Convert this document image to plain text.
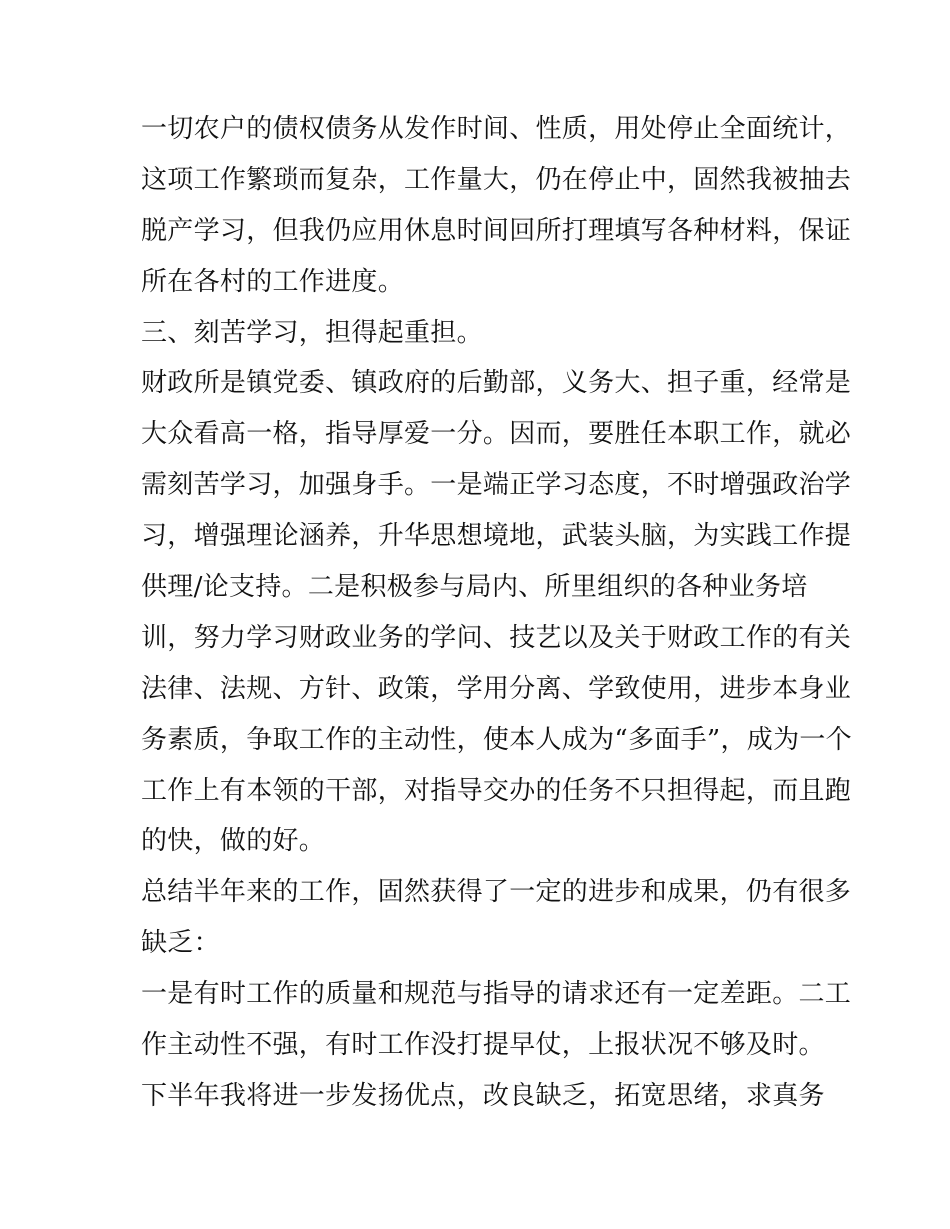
一切农户的债权债务从发作时间、性质，用处停止全面统计，
这项工作繁琐而复杂，工作量大，仍在停止中，固然我被抽去
脱产学习，但我仍应用休息时间回所打理填写各种材料，保证
所在各村的工作进度。
三、刻苦学习，担得起重担。
财政所是镇党委、镇政府的后勤部，义务大、担子重，经常是
大众看高一格，指导厚爱一分。因而，要胜任本职工作，就必
需刻苦学习，加强身手。一是端正学习态度，不时增强政治学
习，增强理论涵养，升华思想境地，武装头脑，为实践工作提
供理/论支持。二是积极参与局内、所里组织的各种业务培
训，努力学习财政业务的学问、技艺以及关于财政工作的有关
法律、法规、方针、政策，学用分离、学致使用，进步本身业
务素质，争取工作的主动性，使本人成为“多面手”，成为一个
工作上有本领的干部，对指导交办的任务不只担得起，而且跑
的快，做的好。
总结半年来的工作，固然获得了一定的进步和成果，仍有很多
缺乏：
一是有时工作的质量和规范与指导的请求还有一定差距。二工
作主动性不强，有时工作没打提早仗，上报状况不够及时。
下半年我将进一步发扬优点，改良缺乏，拓宽思绪，求真务
